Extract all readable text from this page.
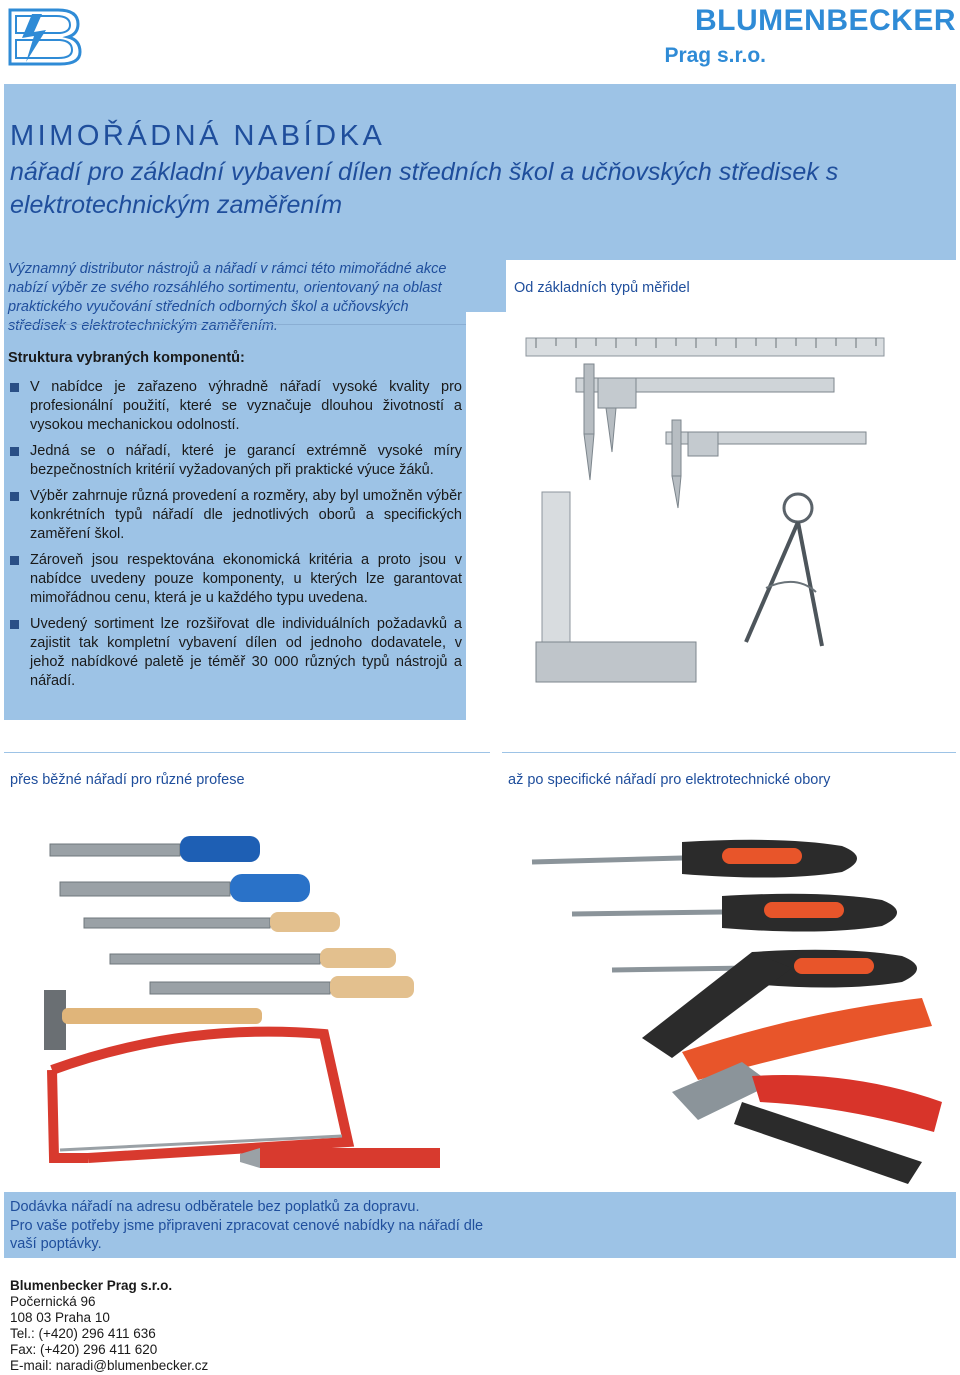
BLUMENBECKER
Prag s.r.o.
MIMOŘÁDNÁ NABÍDKA
nářadí pro základní vybavení dílen středních škol a učňovských středisek s elektrotechnickým zaměřením
Významný distributor nástrojů a nářadí v rámci této mimořádné akce nabízí výběr ze svého rozsáhlého sortimentu, orientovaný na oblast praktického vyučování středních odborných škol a učňovských středisek s elektrotechnickým zaměřením.
Od základních typů měřidel
Struktura vybraných komponentů:
V nabídce je zařazeno výhradně nářadí vysoké kvality pro profesionální použití, které se vyznačuje dlouhou životností a vysokou mechanickou odolností.
Jedná se o nářadí, které je garancí extrémně vysoké míry bezpečnostních kritérií vyžadovaných při praktické výuce žáků.
Výběr zahrnuje různá provedení a rozměry, aby byl umožněn výběr konkrétních typů nářadí dle jednotlivých oborů a specifických zaměření škol.
Zároveň jsou respektována ekonomická kritéria a proto jsou v nabídce uvedeny pouze komponenty, u kterých lze garantovat mimořádnou cenu, která je u každého typu uvedena.
Uvedený sortiment lze rozšiřovat dle individuálních požadavků a zajistit tak kompletní vybavení dílen od jednoho dodavatele, v jehož nabídkové paletě je téměř 30 000 různých typů nástrojů a nářadí.
přes běžné nářadí pro různé profese	až po specifické nářadí pro elektrotechnické obory
Dodávka nářadí na adresu odběratele bez poplatků za dopravu.
Pro vaše potřeby jsme připraveni zpracovat cenové nabídky na nářadí dle vaší poptávky.
Blumenbecker Prag s.r.o.
Počernická 96
108 03 Praha 10
Tel.: (+420) 296 411 636
Fax: (+420) 296 411 620
E-mail: naradi@blumenbecker.cz
